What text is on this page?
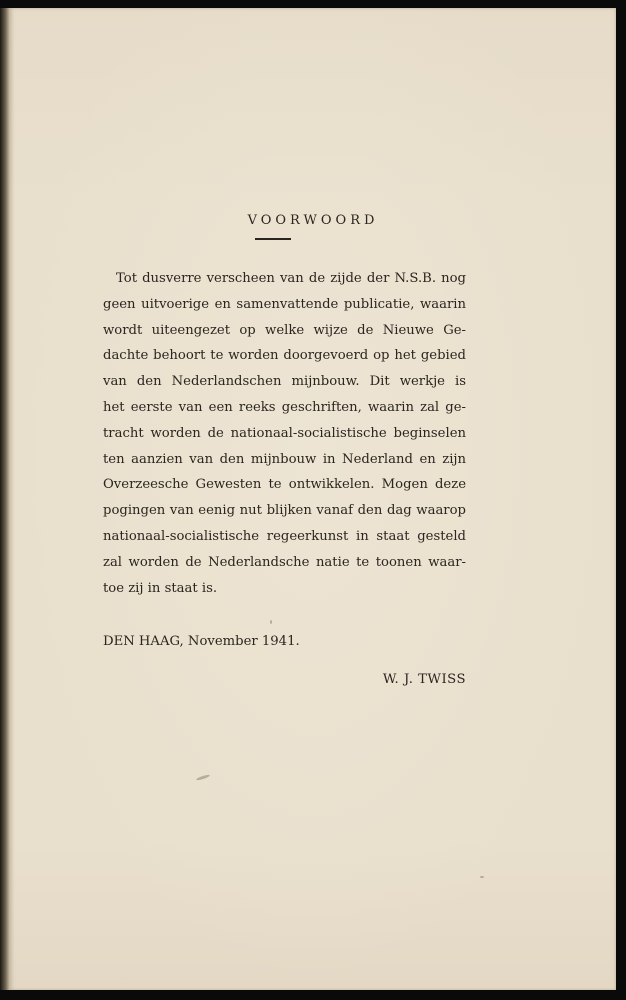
VOORWOORD
Tot dusverre verscheen van de zijde der N.S.B. nog
geen uitvoerige en samenvattende publicatie, waarin
wordt uiteengezet op welke wijze de Nieuwe Ge-
dachte behoort te worden doorgevoerd op het gebied
van den Nederlandschen mijnbouw. Dit werkje is
het eerste van een reeks geschriften, waarin zal ge-
tracht worden de nationaal-socialistische beginselen
ten aanzien van den mijnbouw in Nederland en zijn
Overzeesche Gewesten te ontwikkelen. Mogen deze
pogingen van eenig nut blijken vanaf den dag waarop
nationaal-socialistische regeerkunst in staat gesteld
zal worden de Nederlandsche natie te toonen waar-
toe zij in staat is.
DEN HAAG, November 1941.
W. J. TWISS
